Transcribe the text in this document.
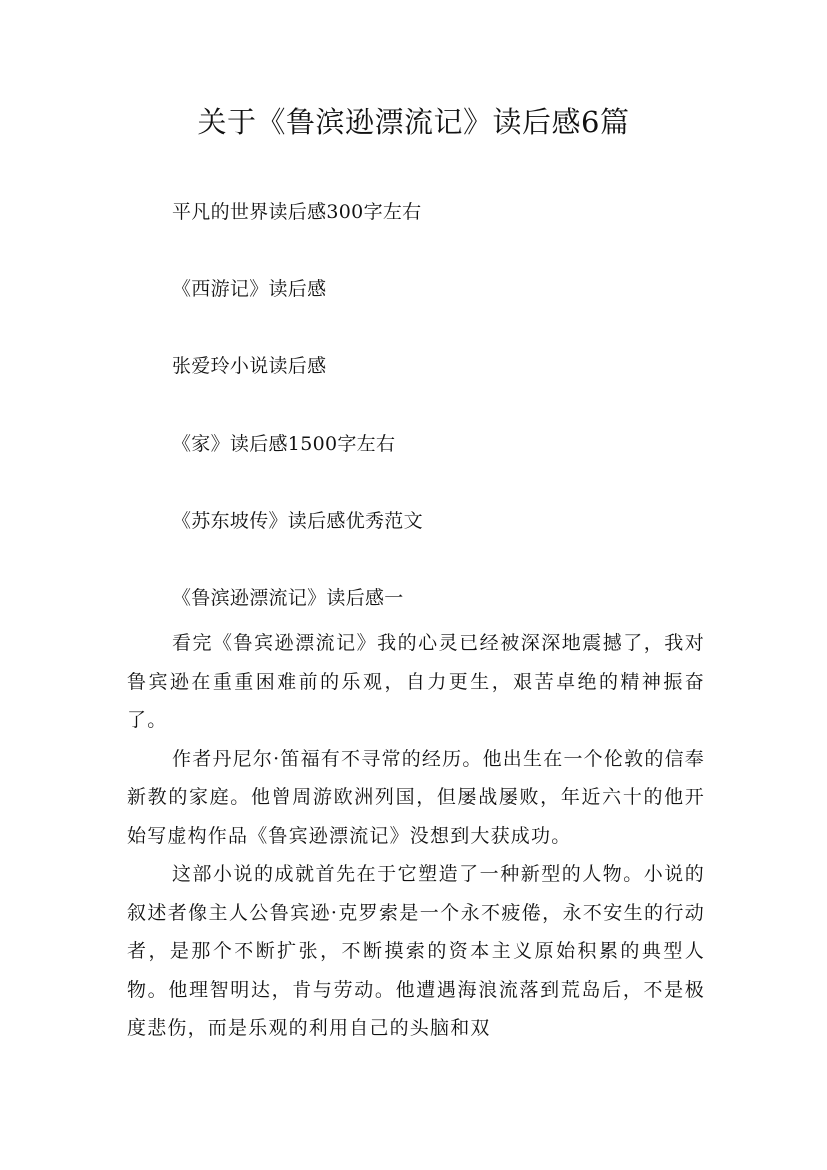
关于《鲁滨逊漂流记》读后感6篇
平凡的世界读后感300字左右
《西游记》读后感
张爱玲小说读后感
《家》读后感1500字左右
《苏东坡传》读后感优秀范文
《鲁滨逊漂流记》读后感一

看完《鲁宾逊漂流记》我的心灵已经被深深地震撼了，我对鲁宾逊在重重困难前的乐观，自力更生，艰苦卓绝的精神振奋了。

作者丹尼尔·笛福有不寻常的经历。他出生在一个伦敦的信奉新教的家庭。他曾周游欧洲列国，但屡战屡败，年近六十的他开始写虚构作品《鲁宾逊漂流记》没想到大获成功。

这部小说的成就首先在于它塑造了一种新型的人物。小说的叙述者像主人公鲁宾逊·克罗索是一个永不疲倦，永不安生的行动者，是那个不断扩张，不断摸索的资本主义原始积累的典型人物。他理智明达，肯与劳动。他遭遇海浪流落到荒岛后，不是极度悲伤，而是乐观的利用自己的头脑和双
